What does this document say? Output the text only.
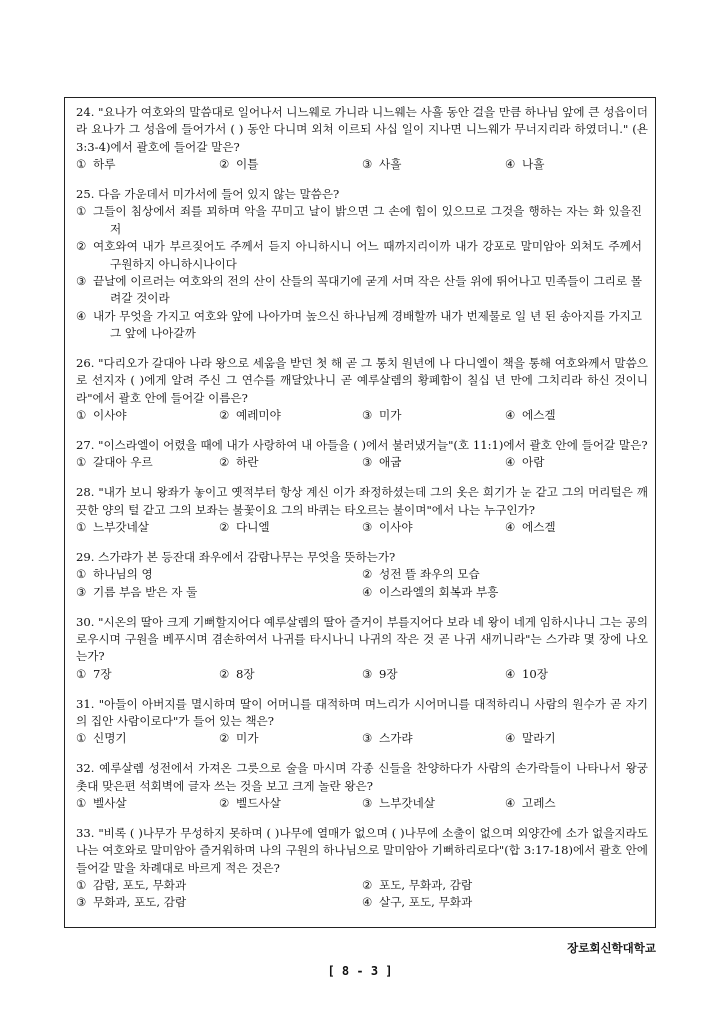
24. "요나가 여호와의 말씀대로 일어나서 니느웨로 가니라 니느웨는 사흘 동안 걸을 만큼 하나님 앞에 큰 성읍이더라 요나가 그 성읍에 들어가서 ( ) 동안 다니며 외쳐 이르되 사십 일이 지나면 니느웨가 무너지리라 하였더니." (욘 3:3-4)에서 괄호에 들어갈 말은?
① 하루	② 이틀	③ 사흘	④ 나흘
25. 다음 가운데서 미가서에 들어 있지 않는 말씀은?
① 그들이 침상에서 죄를 꾀하며 악을 꾸미고 날이 밝으면 그 손에 힘이 있으므로 그것을 행하는 자는 화 있을진저
② 여호와여 내가 부르짖어도 주께서 듣지 아니하시니 어느 때까지리이까 내가 강포로 말미암아 외쳐도 주께서 구원하지 아니하시나이다
③ 끝날에 이르러는 여호와의 전의 산이 산들의 꼭대기에 굳게 서며 작은 산들 위에 뛰어나고 민족들이 그리로 몰려갈 것이라
④ 내가 무엇을 가지고 여호와 앞에 나아가며 높으신 하나님께 경배할까 내가 번제물로 일 년 된 송아지를 가지고 그 앞에 나아갈까
26. "다리오가 갈대아 나라 왕으로 세움을 받던 첫 해 곧 그 통치 원년에 나 다니엘이 책을 통해 여호와께서 말씀으로 선지자 ( )에게 알려 주신 그 연수를 깨달았나니 곧 예루살렘의 황폐함이 칠십 년 만에 그치리라 하신 것이니라"에서 괄호 안에 들어갈 이름은?
① 이사야	② 예레미야	③ 미가	④ 에스겔
27. "이스라엘이 어렸을 때에 내가 사랑하여 내 아들을 ( )에서 불러냈거늘"(호 11:1)에서 괄호 안에 들어갈 말은?
① 갈대아 우르	② 하란	③ 애굽	④ 아람
28. "내가 보니 왕좌가 놓이고 옛적부터 항상 계신 이가 좌정하셨는데 그의 옷은 희기가 눈 같고 그의 머리털은 깨끗한 양의 털 같고 그의 보좌는 불꽃이요 그의 바퀴는 타오르는 불이며"에서 나는 누구인가?
① 느부갓네살	② 다니엘	③ 이사야	④ 에스겔
29. 스가랴가 본 등잔대 좌우에서 감람나무는 무엇을 뜻하는가?
① 하나님의 영	② 성전 뜰 좌우의 모습
③ 기름 부음 받은 자 둘	④ 이스라엘의 회복과 부흥
30. "시온의 딸아 크게 기뻐할지어다 예루살렘의 딸아 즐거이 부를지어다 보라 네 왕이 네게 임하시나니 그는 공의로우시며 구원을 베푸시며 겸손하여서 나귀를 타시나니 나귀의 작은 것 곧 나귀 새끼니라"는 스가랴 몇 장에 나오는가?
① 7장	② 8장	③ 9장	④ 10장
31. "아들이 아버지를 멸시하며 딸이 어머니를 대적하며 며느리가 시어머니를 대적하리니 사람의 원수가 곧 자기의 집안 사람이로다"가 들어 있는 책은?
① 신명기	② 미가	③ 스가랴	④ 말라기
32. 예루살렘 성전에서 가져온 그릇으로 술을 마시며 각종 신들을 찬양하다가 사람의 손가락들이 나타나서 왕궁 촛대 맞은편 석회벽에 글자 쓰는 것을 보고 크게 놀란 왕은?
① 벨사살	② 벨드사살	③ 느부갓네살	④ 고레스
33. "비록 ( )나무가 무성하지 못하며 ( )나무에 열매가 없으며 ( )나무에 소출이 없으며 외양간에 소가 없을지라도 나는 여호와로 말미암아 즐거워하며 나의 구원의 하나님으로 말미암아 기뻐하리로다"(합 3:17-18)에서 괄호 안에 들어갈 말을 차례대로 바르게 적은 것은?
① 감람, 포도, 무화과	② 포도, 무화과, 감람
③ 무화과, 포도, 감람	④ 살구, 포도, 무화과
장로회신학대학교
[ 8 - 3 ]
